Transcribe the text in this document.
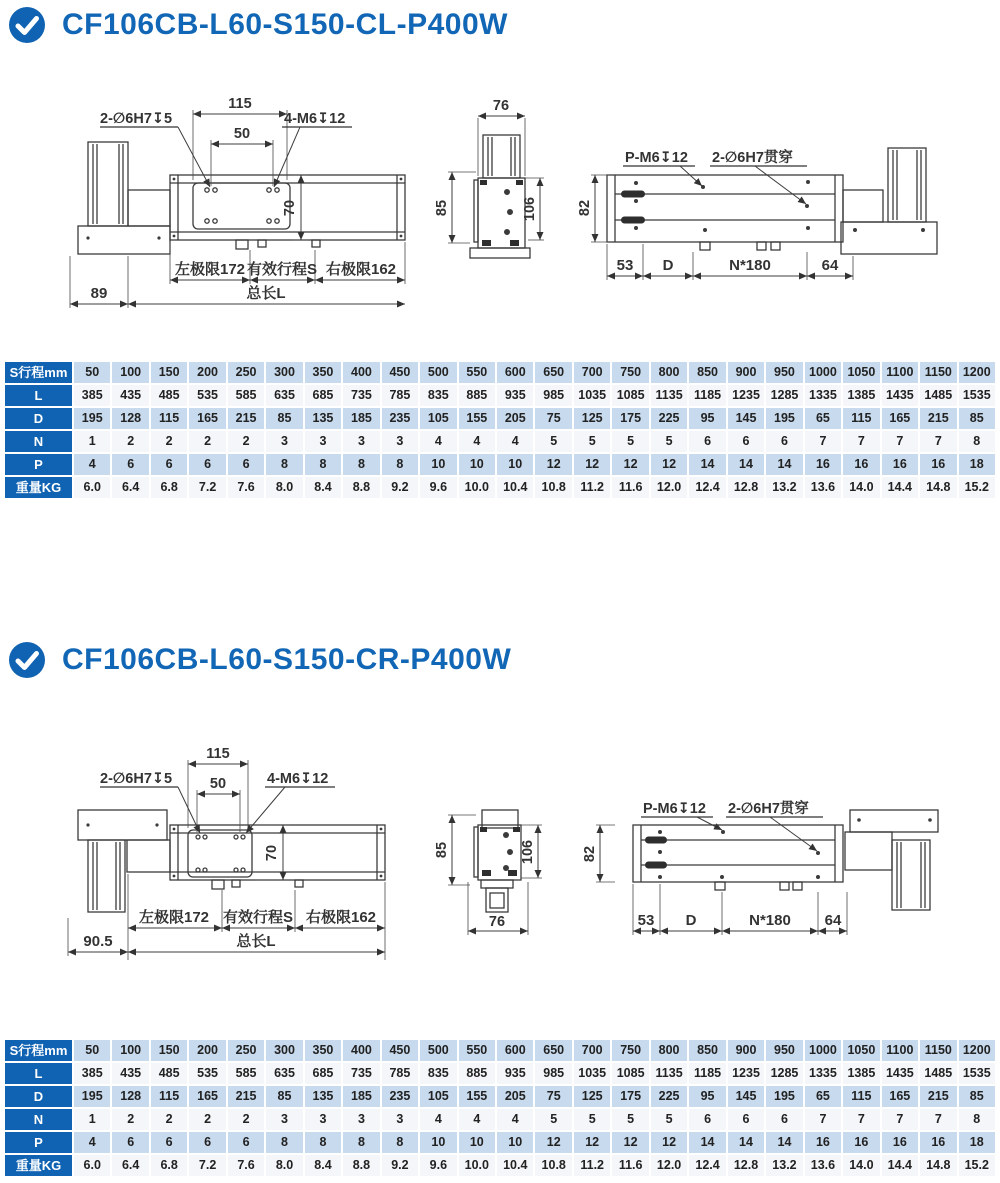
CF106CB-L60-S150-CL-P400W
115
50
2-∅6H7↧5	4-M6↧12
70
左极限172 有效行程S 右极限162
89	总长L
76
85	106
P-M6↧12 2-∅6H7贯穿
82
53 D	N*180	64
S行程mm	50	100	150	200	250	300	350	400	450	500	550	600	650	700	750	800	850	900	950	1000 1050 1100 1150 1200
L	385	435	485	535	585	635	685	735	785	835	885	935	985	1035 1085 1135 1185 1235 1285 1335 1385 1435 1485 1535
D	195	128	115	165	215	85	135	185	235	105	155	205	75	125	175	225	95	145	195	65	115	165	215	85
N	1	2	2	2	2	3	3	3	3	4	4	4	5	5	5	5	6	6	6	7	7	7	7	8
P	4	6	6	6	6	8	8	8	8	10	10	10	12	12	12	12	14	14	14	16	16	16	16	18
重量KG	6.0	6.4	6.8	7.2	7.6	8.0	8.4	8.8	9.2	9.6	10.0	10.4	10.8	11.2	11.6	12.0	12.4	12.8	13.2	13.6	14.0	14.4	14.8	15.2
CF106CB-L60-S150-CR-P400W
115
50
2-∅6H7↧5	4-M6↧12
70
左极限172 有效行程S 右极限162
90.5	总长L
85	106
76
P-M6↧12 2-∅6H7贯穿
82
53 D	N*180 64
S行程mm	50	100	150	200	250	300	350	400	450	500	550	600	650	700	750	800	850	900	950	1000 1050 1100 1150 1200
L	385	435	485	535	585	635	685	735	785	835	885	935	985	1035 1085 1135 1185 1235 1285 1335 1385 1435 1485 1535
D	195	128	115	165	215	85	135	185	235	105	155	205	75	125	175	225	95	145	195	65	115	165	215	85
N	1	2	2	2	2	3	3	3	3	4	4	4	5	5	5	5	6	6	6	7	7	7	7	8
P	4	6	6	6	6	8	8	8	8	10	10	10	12	12	12	12	14	14	14	16	16	16	16	18
重量KG	6.0	6.4	6.8	7.2	7.6	8.0	8.4	8.8	9.2	9.6	10.0	10.4	10.8	11.2	11.6	12.0	12.4	12.8	13.2	13.6	14.0	14.4	14.8	15.2
